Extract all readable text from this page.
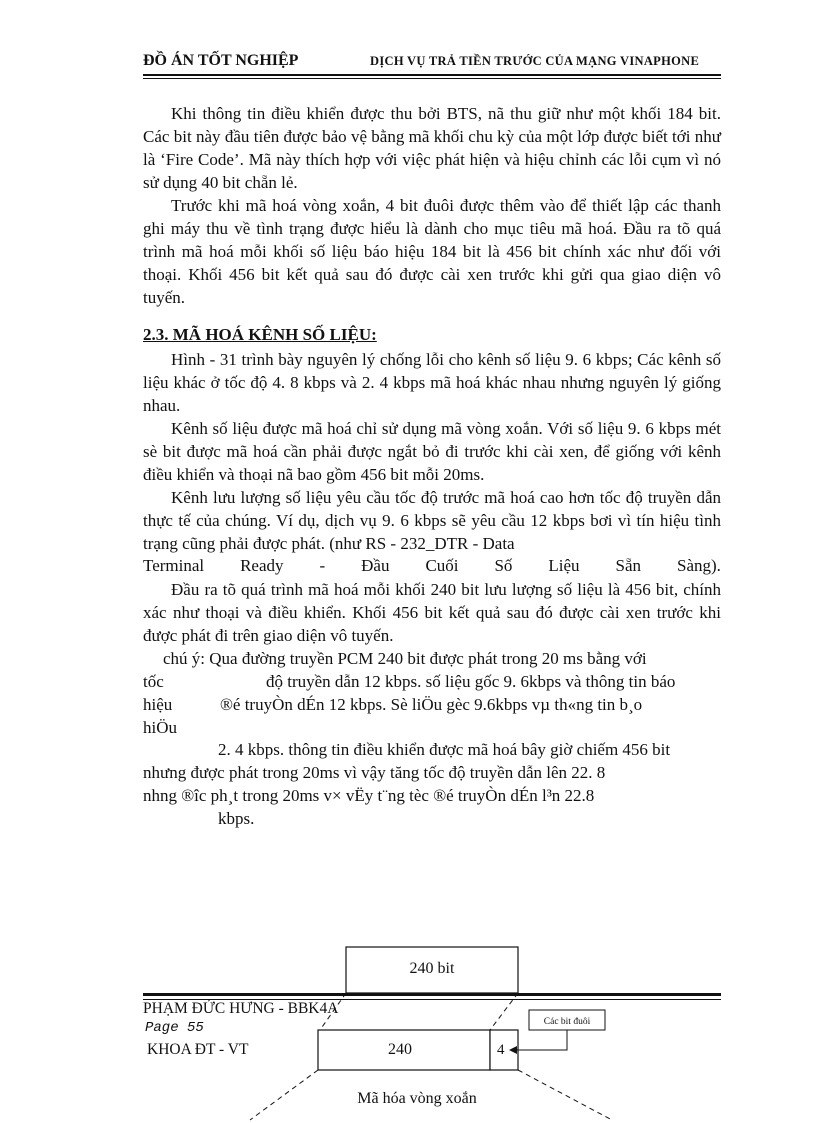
ĐỒ ÁN TỐT NGHIỆP	DỊCH VỤ TRẢ TIỀN TRƯỚC CỦA MẠNG VINAPHONE

Khi thông tin điều khiển được thu bởi BTS, nã thu giữ như một khối 184 bit. Các bit này đầu tiên được bảo vệ bằng mã khối chu kỳ của một lớp được biết tới như là ‘Fire Code’. Mã này thích hợp với việc phát hiện và hiệu chỉnh các lỗi cụm vì nó sử dụng 40 bit chẵn lẻ.

Trước khi mã hoá vòng xoắn, 4 bit đuôi được thêm vào để thiết lập các thanh ghi máy thu về tình trạng được hiểu là dành cho mục tiêu mã hoá. Đầu ra tõ quá trình mã hoá mỗi khối số liệu báo hiệu 184 bit là 456 bit chính xác như đối với thoại. Khối 456 bit kết quả sau đó được cài xen trước khi gửi qua giao diện vô tuyến.

2.3. MÃ HOÁ KÊNH SỐ LIỆU:

Hình - 31 trình bày nguyên lý chống lỗi cho kênh số liệu 9. 6 kbps; Các kênh số liệu khác ở tốc độ 4. 8 kbps và 2. 4 kbps mã hoá khác nhau nhưng nguyên lý giống nhau.

Kênh số liệu được mã hoá chỉ sử dụng mã vòng xoắn. Với số liệu 9. 6 kbps mét sè bit được mã hoá cần phải được ngắt bỏ đi trước khi cài xen, để giống với kênh điều khiển và thoại nã bao gồm 456 bit mỗi 20ms.

Kênh lưu lượng số liệu yêu cầu tốc độ trước mã hoá cao hơn tốc độ truyền dẫn thực tế của chúng. Ví dụ, dịch vụ 9. 6 kbps sẽ yêu cầu 12 kbps bơi vì tín hiệu tình trạng cũng phải được phát. (như RS - 232_DTR - Data

Terminal Ready - Đầu Cuối Số Liệu Sẵn Sàng).

Đầu ra tõ quá trình mã hoá mỗi khối 240 bit lưu lượng số liệu là 456 bit, chính xác như thoại và điều khiển. Khối 456 bit kết quả sau đó được cài xen trước khi được phát đi trên giao diện vô tuyến.

chú ý: Qua đường truyền PCM 240 bit được phát trong 20 ms bằng với
tốc	độ truyền dẫn 12 kbps. số liệu gốc 9. 6kbps và thông tin báo
hiệu	®é truyÒn dÉn 12 kbps. Sè liÖu gèc 9.6kbps vµ th«ng tin b¸o
hiÖu
2. 4 kbps. thông tin điều khiển được mã hoá bây giờ chiếm 456 bit
nhưng được phát trong 20ms vì vậy tăng tốc độ truyền dẫn lên 22. 8
nhng ®îc ph¸t trong 20ms v× vËy t¨ng tèc ®é truyÒn dÉn l³n 22.8
kbps.
240 bit
240	4
Các bit đuôi
Mã hóa vòng xoắn
PHẠM ĐỨC HƯNG - BBK4A
Page 55
KHOA ĐT - VT
